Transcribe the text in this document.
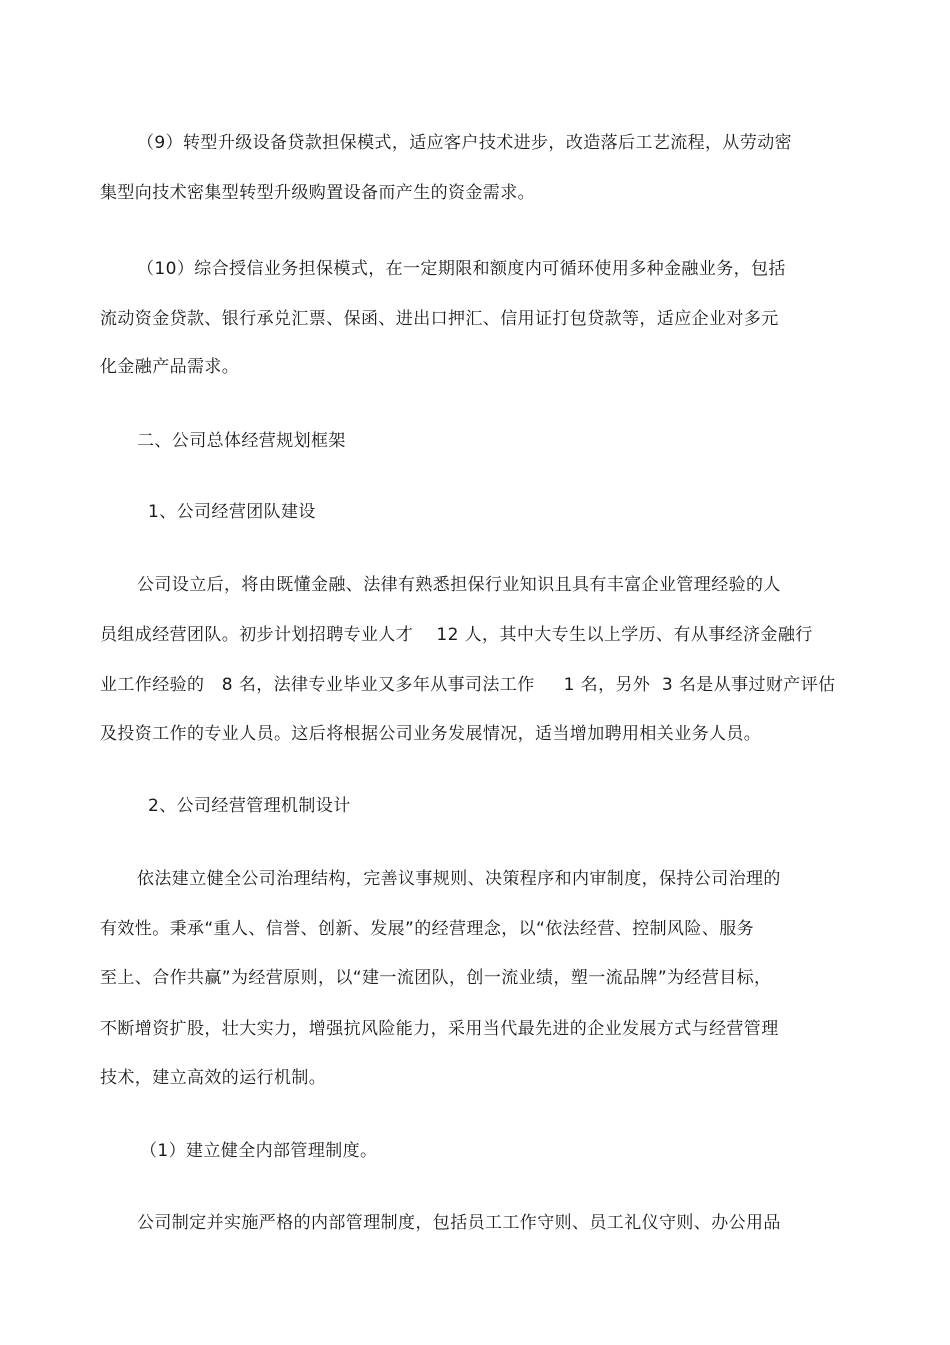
（9）转型升级设备贷款担保模式，适应客户技术进步，改造落后工艺流程，从劳动密
集型向技术密集型转型升级购置设备而产生的资金需求。
（10）综合授信业务担保模式，在一定期限和额度内可循环使用多种金融业务，包括
流动资金贷款、银行承兑汇票、保函、进出口押汇、信用证打包贷款等，适应企业对多元
化金融产品需求。
二、公司总体经营规划框架
1、公司经营团队建设
公司设立后，将由既懂金融、法律有熟悉担保行业知识且具有丰富企业管理经验的人
员组成经营团队。初步计划招聘专业人才    12 人，其中大专生以上学历、有从事经济金融行
业工作经验的   8 名，法律专业毕业又多年从事司法工作     1 名，另外  3 名是从事过财产评估
及投资工作的专业人员。这后将根据公司业务发展情况，适当增加聘用相关业务人员。
2、公司经营管理机制设计
依法建立健全公司治理结构，完善议事规则、决策程序和内审制度，保持公司治理的
有效性。秉承“重人、信誉、创新、发展”的经营理念，以“依法经营、控制风险、服务
至上、合作共赢”为经营原则，以“建一流团队，创一流业绩，塑一流品牌”为经营目标，
不断增资扩股，壮大实力，增强抗风险能力，采用当代最先进的企业发展方式与经营管理
技术，建立高效的运行机制。
（1）建立健全内部管理制度。
公司制定并实施严格的内部管理制度，包括员工工作守则、员工礼仪守则、办公用品
